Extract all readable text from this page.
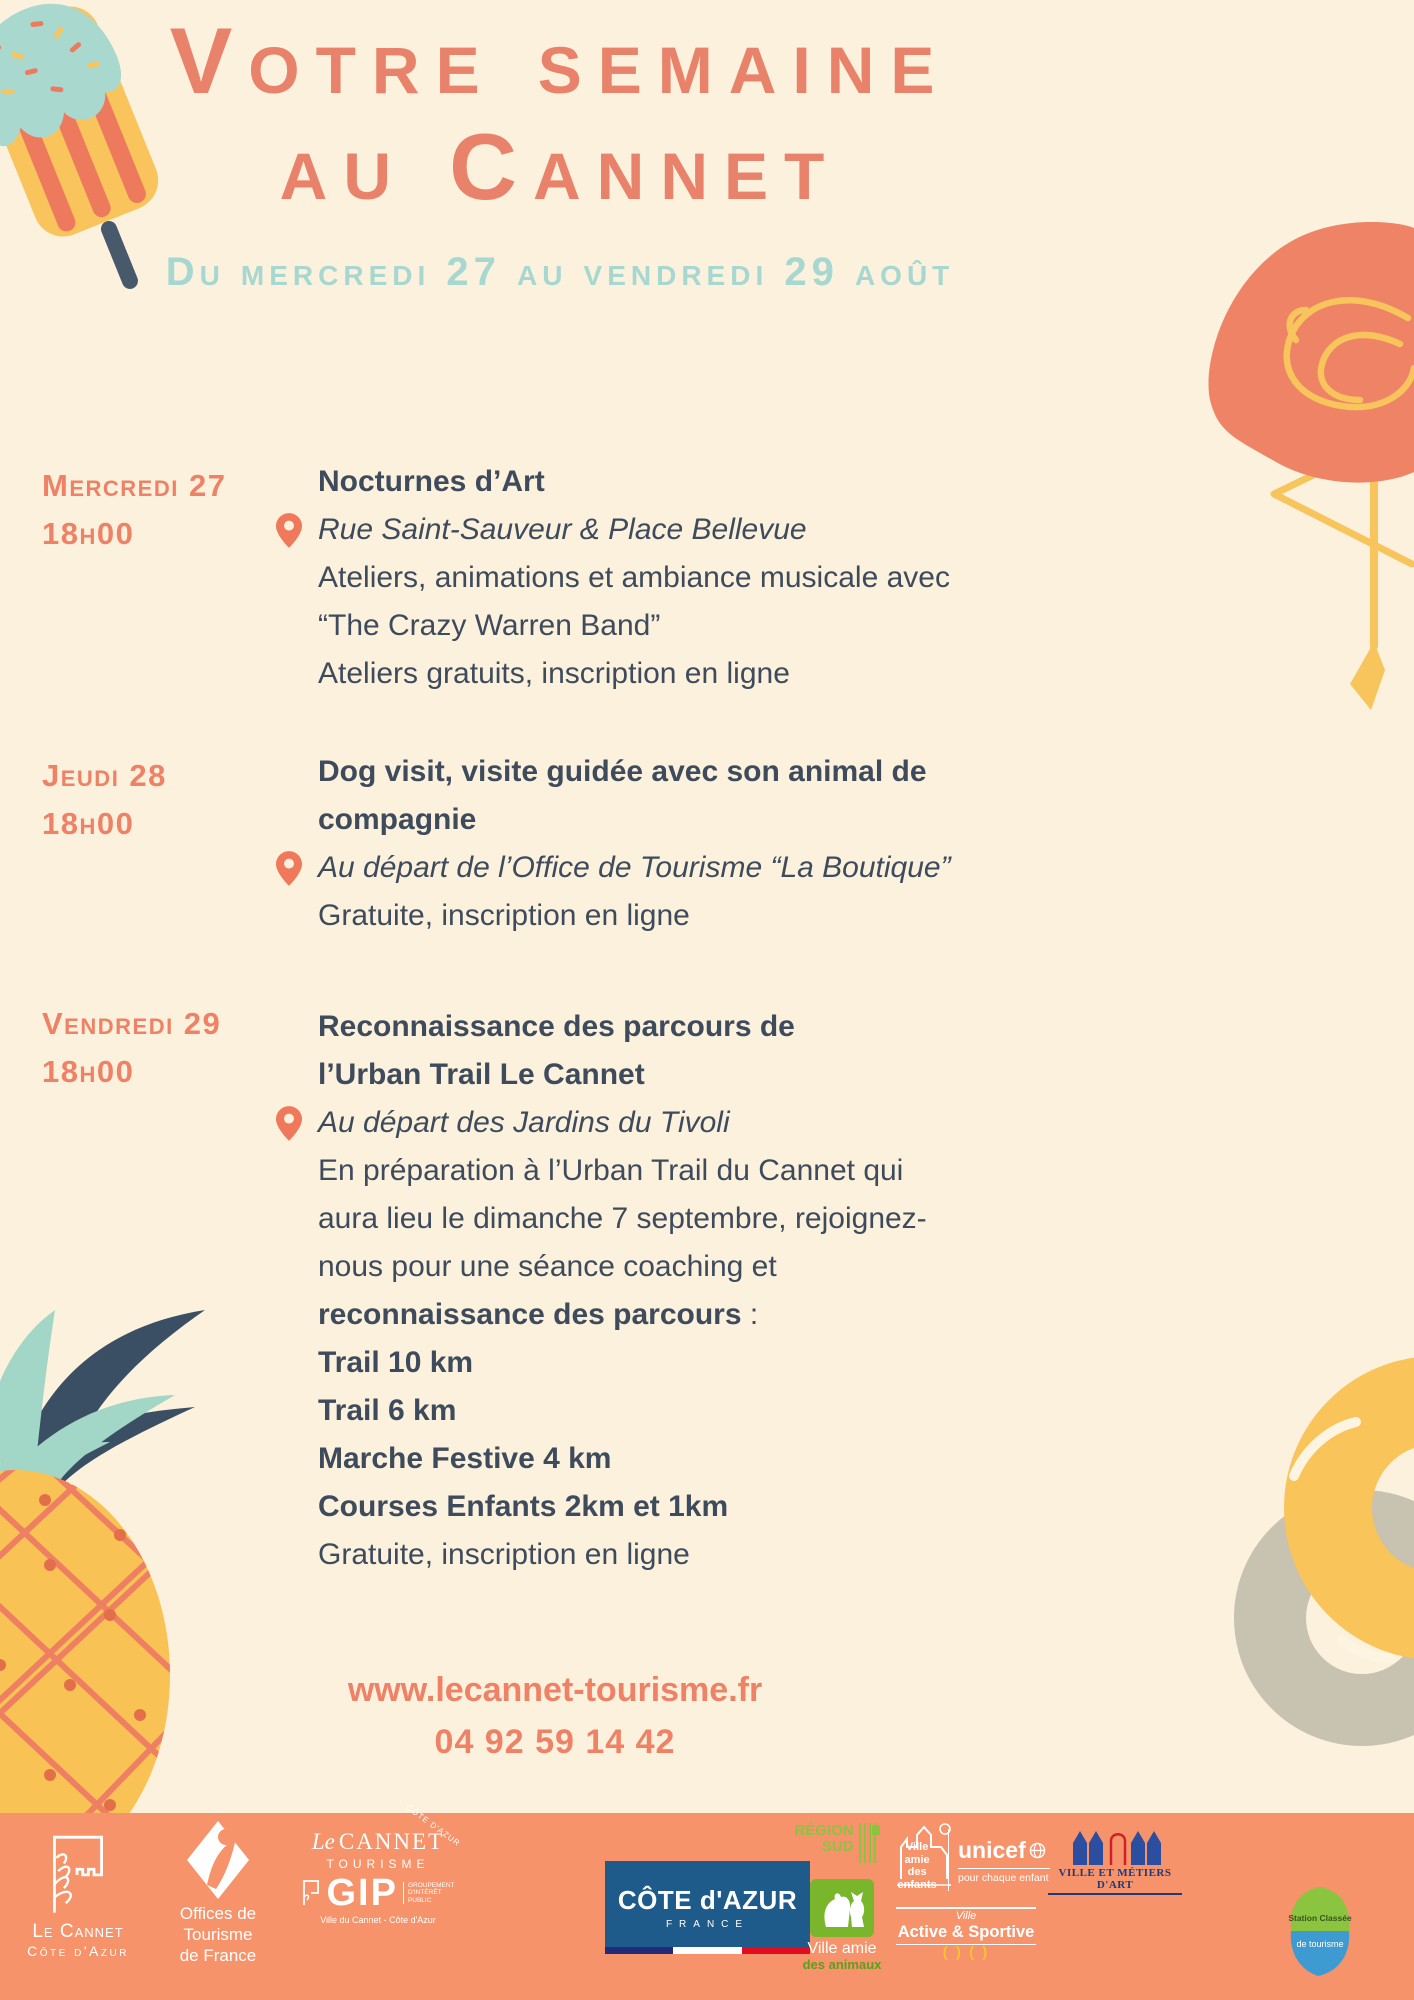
Votre semaine
au Cannet
Du mercredi 27 au vendredi 29 août
Mercredi 27
18h00
Nocturnes d’Art
Rue Saint-Sauveur & Place Bellevue
Ateliers, animations et ambiance musicale avec
“The Crazy Warren Band”
Ateliers gratuits, inscription en ligne
Jeudi 28
18h00
Dog visit, visite guidée avec son animal de
compagnie
Au départ de l’Office de Tourisme “La Boutique”
Gratuite, inscription en ligne
Vendredi 29
18h00
Reconnaissance des parcours de
l’Urban Trail Le Cannet
Au départ des Jardins du Tivoli
En préparation à l’Urban Trail du Cannet qui
aura lieu le dimanche 7 septembre, rejoignez-
nous pour une séance coaching et
reconnaissance des parcours :
Trail 10 km
Trail 6 km
Marche Festive 4 km
Courses Enfants 2km et 1km
Gratuite, inscription en ligne
www.lecannet-tourisme.fr
04 92 59 14 42
Le Cannet
Côte d'Azur
Offices de
Tourisme
de France
CÔTE D'AZUR
Le CANNET
TOURISME
GIP GROUPEMENT
D'INTÉRÊT
PUBLIC
Ville du Cannet - Côte d'Azur
CÔTE d'AZUR
FRANCE
RÉGION
SUD
Ville amie
des animaux
Ville
amie
des enfants
unicef
pour chaque enfant
Ville
Active & Sportive
( ) ( )
VILLE ET MÉTIERS D'ART
Station Classée
de tourisme
